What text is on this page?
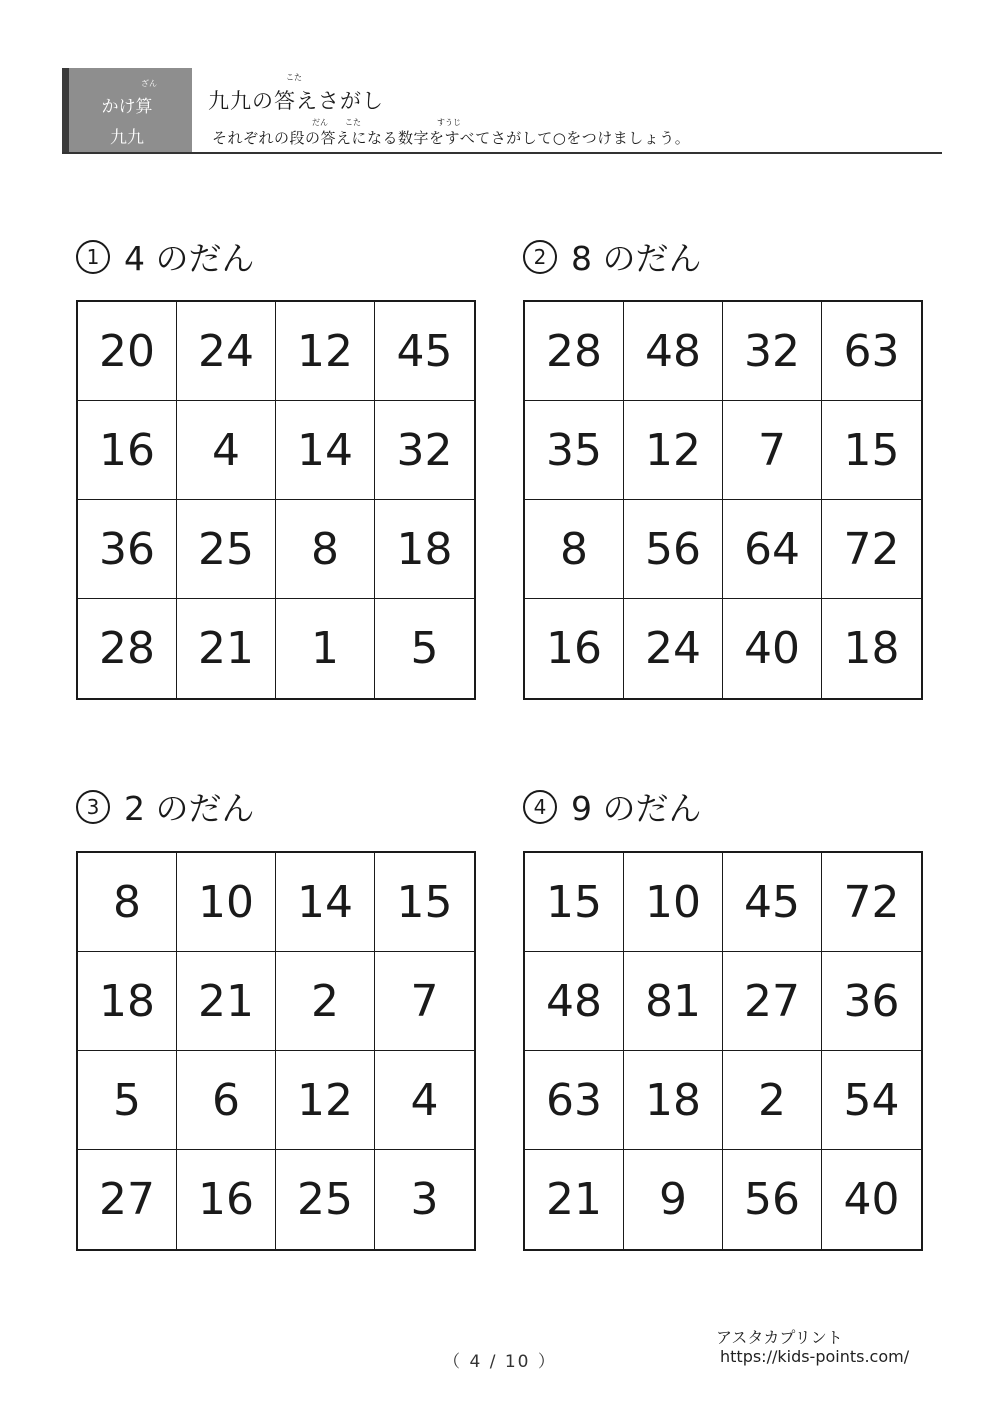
かけ算
ざん
九九
こた
九九の答えさがし
だん こた	すうじ
それぞれの段の答えになる数字をすべてさがして○をつけましょう。
1 4 のだん
20 24 12 45
16	4	14 32
36 25	8	18
28 21	1	5
2 8 のだん
28 48 32 63
35 12	7	15
8	56 64 72
16 24 40 18
3 2 のだん
8	10 14 15
18 21	2	7
5	6	12	4
27 16 25	3
4 9 のだん
15 10 45 72
48 81 27 36
63 18	2	54
21	9	56 40
（ 4 / 10 ）
アスタカプリント
https://kids-points.com/
